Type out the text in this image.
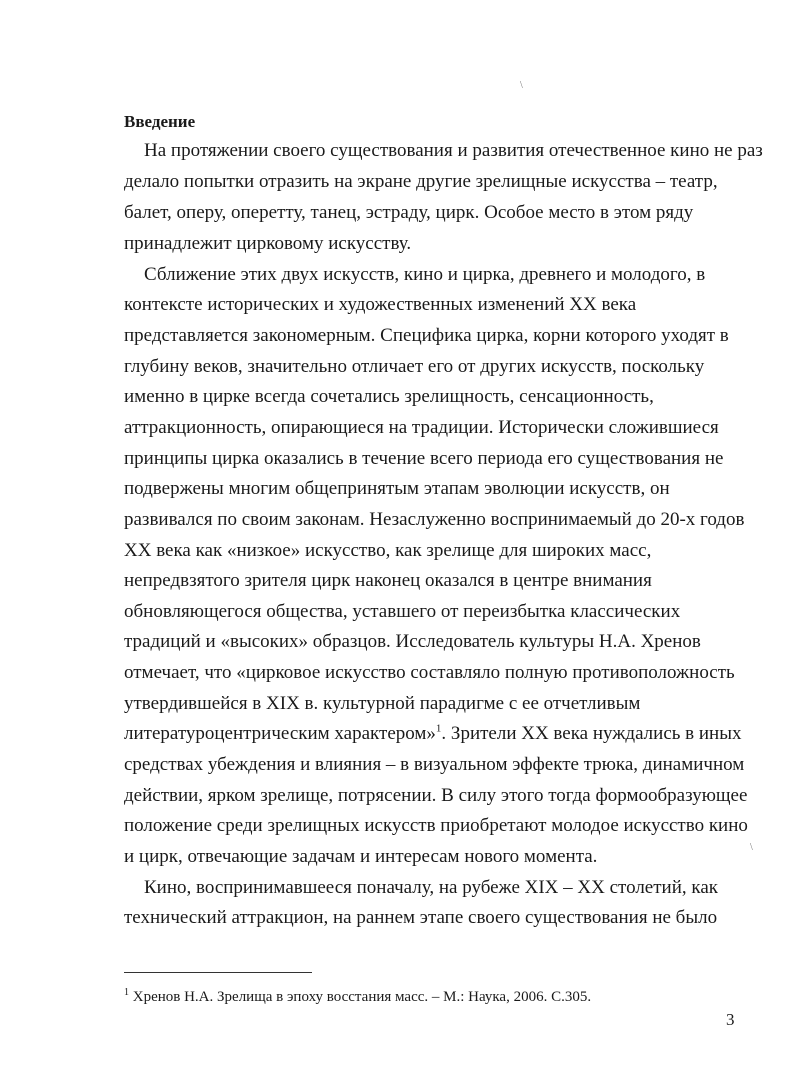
\
\
Введение
На протяжении своего существования и развития отечественное кино не раз
делало попытки отразить на экране другие зрелищные искусства – театр,
балет, оперу, оперетту, танец, эстраду, цирк. Особое место в этом ряду
принадлежит цирковому искусству.
Сближение этих двух искусств, кино и цирка, древнего и молодого, в
контексте исторических и художественных изменений XX века
представляется закономерным. Специфика цирка, корни которого уходят в
глубину веков, значительно отличает его от других искусств, поскольку
именно в цирке всегда сочетались зрелищность, сенсационность,
аттракционность, опирающиеся на традиции. Исторически сложившиеся
принципы цирка оказались в течение всего периода его существования не
подвержены многим общепринятым этапам эволюции искусств, он
развивался по своим законам. Незаслуженно воспринимаемый до 20-х годов
XX века как «низкое» искусство, как зрелище для широких масс,
непредвзятого зрителя цирк наконец оказался в центре внимания
обновляющегося общества, уставшего от переизбытка классических
традиций и «высоких» образцов. Исследователь культуры Н.А. Хренов
отмечает, что «цирковое искусство составляло полную противоположность
утвердившейся в XIX в. культурной парадигме с ее отчетливым
литературоцентрическим характером»$^1$. Зрители XX века нуждались в иных
средствах убеждения и влияния – в визуальном эффекте трюка, динамичном
действии, ярком зрелище, потрясении. В силу этого тогда формообразующее
положение среди зрелищных искусств приобретают молодое искусство кино
и цирк, отвечающие задачам и интересам нового момента.
Кино, воспринимавшееся поначалу, на рубеже XIX – XX столетий, как
технический аттракцион, на раннем этапе своего существования не было

$^1$ Хренов Н.А. Зрелища в эпоху восстания масс. – М.: Наука, 2006. С.305.

3
